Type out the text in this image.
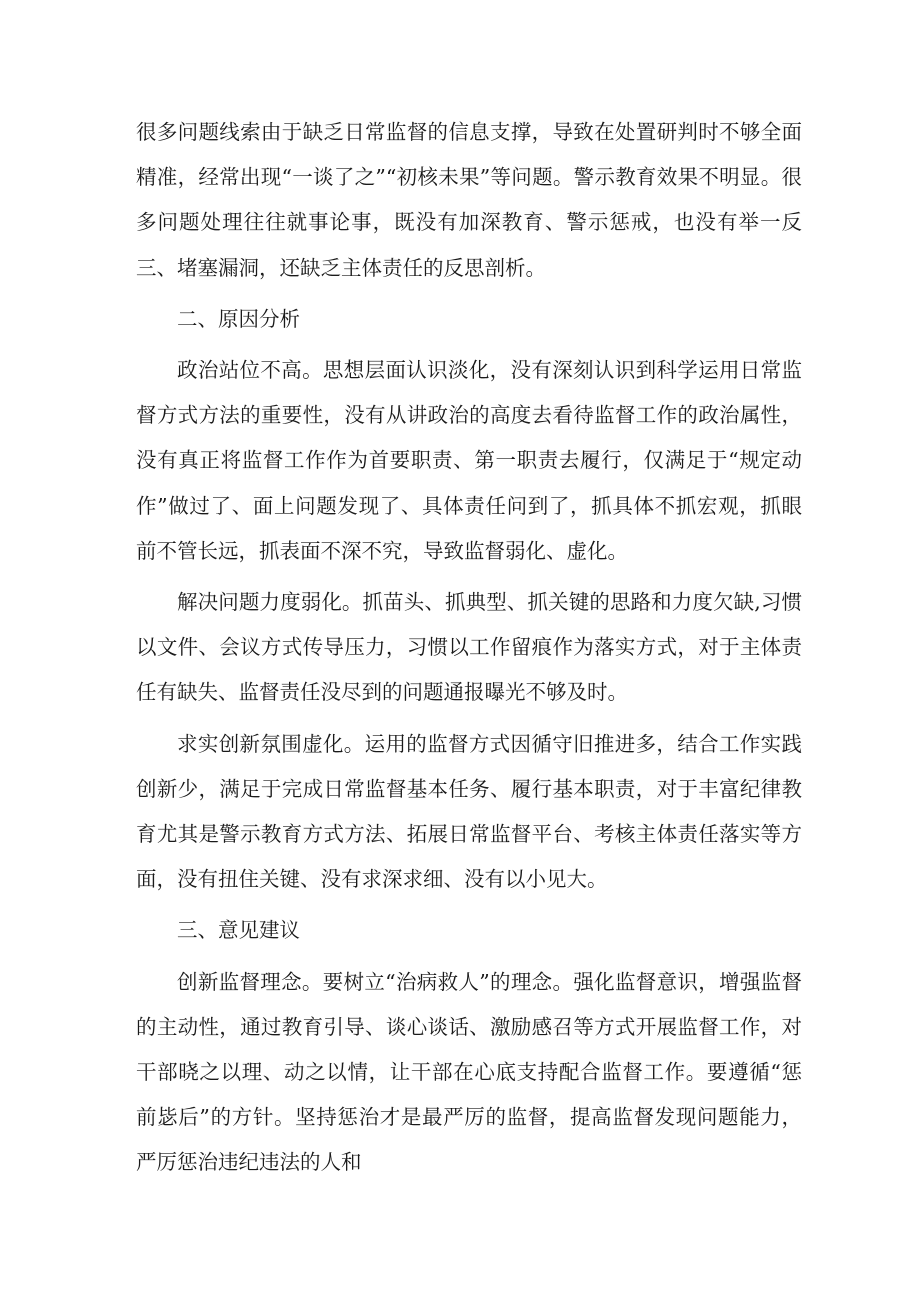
很多问题线索由于缺乏日常监督的信息支撑，导致在处置研判时不够全面精准，经常出现“一谈了之”“初核未果”等问题。警示教育效果不明显。很多问题处理往往就事论事，既没有加深教育、警示惩戒，也没有举一反三、堵塞漏洞，还缺乏主体责任的反思剖析。

二、原因分析

政治站位不高。思想层面认识淡化，没有深刻认识到科学运用日常监督方式方法的重要性，没有从讲政治的高度去看待监督工作的政治属性，没有真正将监督工作作为首要职责、第一职责去履行，仅满足于“规定动作”做过了、面上问题发现了、具体责任问到了，抓具体不抓宏观，抓眼前不管长远，抓表面不深不究，导致监督弱化、虚化。

解决问题力度弱化。抓苗头、抓典型、抓关键的思路和力度欠缺,习惯以文件、会议方式传导压力，习惯以工作留痕作为落实方式，对于主体责任有缺失、监督责任没尽到的问题通报曝光不够及时。

求实创新氛围虚化。运用的监督方式因循守旧推进多，结合工作实践创新少，满足于完成日常监督基本任务、履行基本职责，对于丰富纪律教育尤其是警示教育方式方法、拓展日常监督平台、考核主体责任落实等方面，没有扭住关键、没有求深求细、没有以小见大。

三、意见建议

创新监督理念。要树立“治病救人”的理念。强化监督意识，增强监督的主动性，通过教育引导、谈心谈话、激励感召等方式开展监督工作，对干部晓之以理、动之以情，让干部在心底支持配合监督工作。要遵循“惩前毖后”的方针。坚持惩治才是最严厉的监督，提高监督发现问题能力，严厉惩治违纪违法的人和
